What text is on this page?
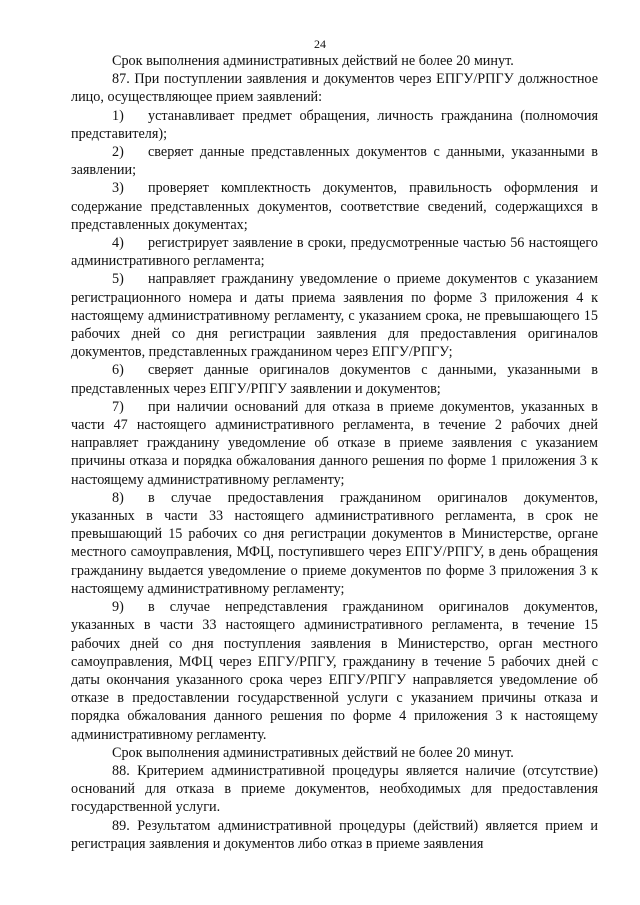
24

Срок выполнения административных действий не более 20 минут.

87. При поступлении заявления и документов через ЕПГУ/РПГУ должностное лицо, осуществляющее прием заявлений:

1) устанавливает предмет обращения, личность гражданина (полномочия представителя);

2) сверяет данные представленных документов с данными, указанными в заявлении;

3) проверяет комплектность документов, правильность оформления и содержание представленных документов, соответствие сведений, содержащихся в представленных документах;

4) регистрирует заявление в сроки, предусмотренные частью 56 настоящего административного регламента;

5) направляет гражданину уведомление о приеме документов с указанием регистрационного номера и даты приема заявления по форме 3 приложения 4 к настоящему административному регламенту, с указанием срока, не превышающего 15 рабочих дней со дня регистрации заявления для предоставления оригиналов документов, представленных гражданином через ЕПГУ/РПГУ;

6) сверяет данные оригиналов документов с данными, указанными в представленных через ЕПГУ/РПГУ заявлении и документов;

7) при наличии оснований для отказа в приеме документов, указанных в части 47 настоящего административного регламента, в течение 2 рабочих дней направляет гражданину уведомление об отказе в приеме заявления с указанием причины отказа и порядка обжалования данного решения по форме 1 приложения 3 к настоящему административному регламенту;

8) в случае предоставления гражданином оригиналов документов, указанных в части 33 настоящего административного регламента, в срок не превышающий 15 рабочих со дня регистрации документов в Министерстве, органе местного самоуправления, МФЦ, поступившего через ЕПГУ/РПГУ, в день обращения гражданину выдается уведомление о приеме документов по форме 3 приложения 3 к настоящему административному регламенту;

9) в случае непредставления гражданином оригиналов документов, указанных в части 33 настоящего административного регламента, в течение 15 рабочих дней со дня поступления заявления в Министерство, орган местного самоуправления, МФЦ через ЕПГУ/РПГУ, гражданину в течение 5 рабочих дней с даты окончания указанного срока через ЕПГУ/РПГУ направляется уведомление об отказе в предоставлении государственной услуги с указанием причины отказа и порядка обжалования данного решения по форме 4 приложения 3 к настоящему административному регламенту.

Срок выполнения административных действий не более 20 минут.

88. Критерием административной процедуры является наличие (отсутствие) оснований для отказа в приеме документов, необходимых для предоставления государственной услуги.

89. Результатом административной процедуры (действий) является прием и регистрация заявления и документов либо отказ в приеме заявления
